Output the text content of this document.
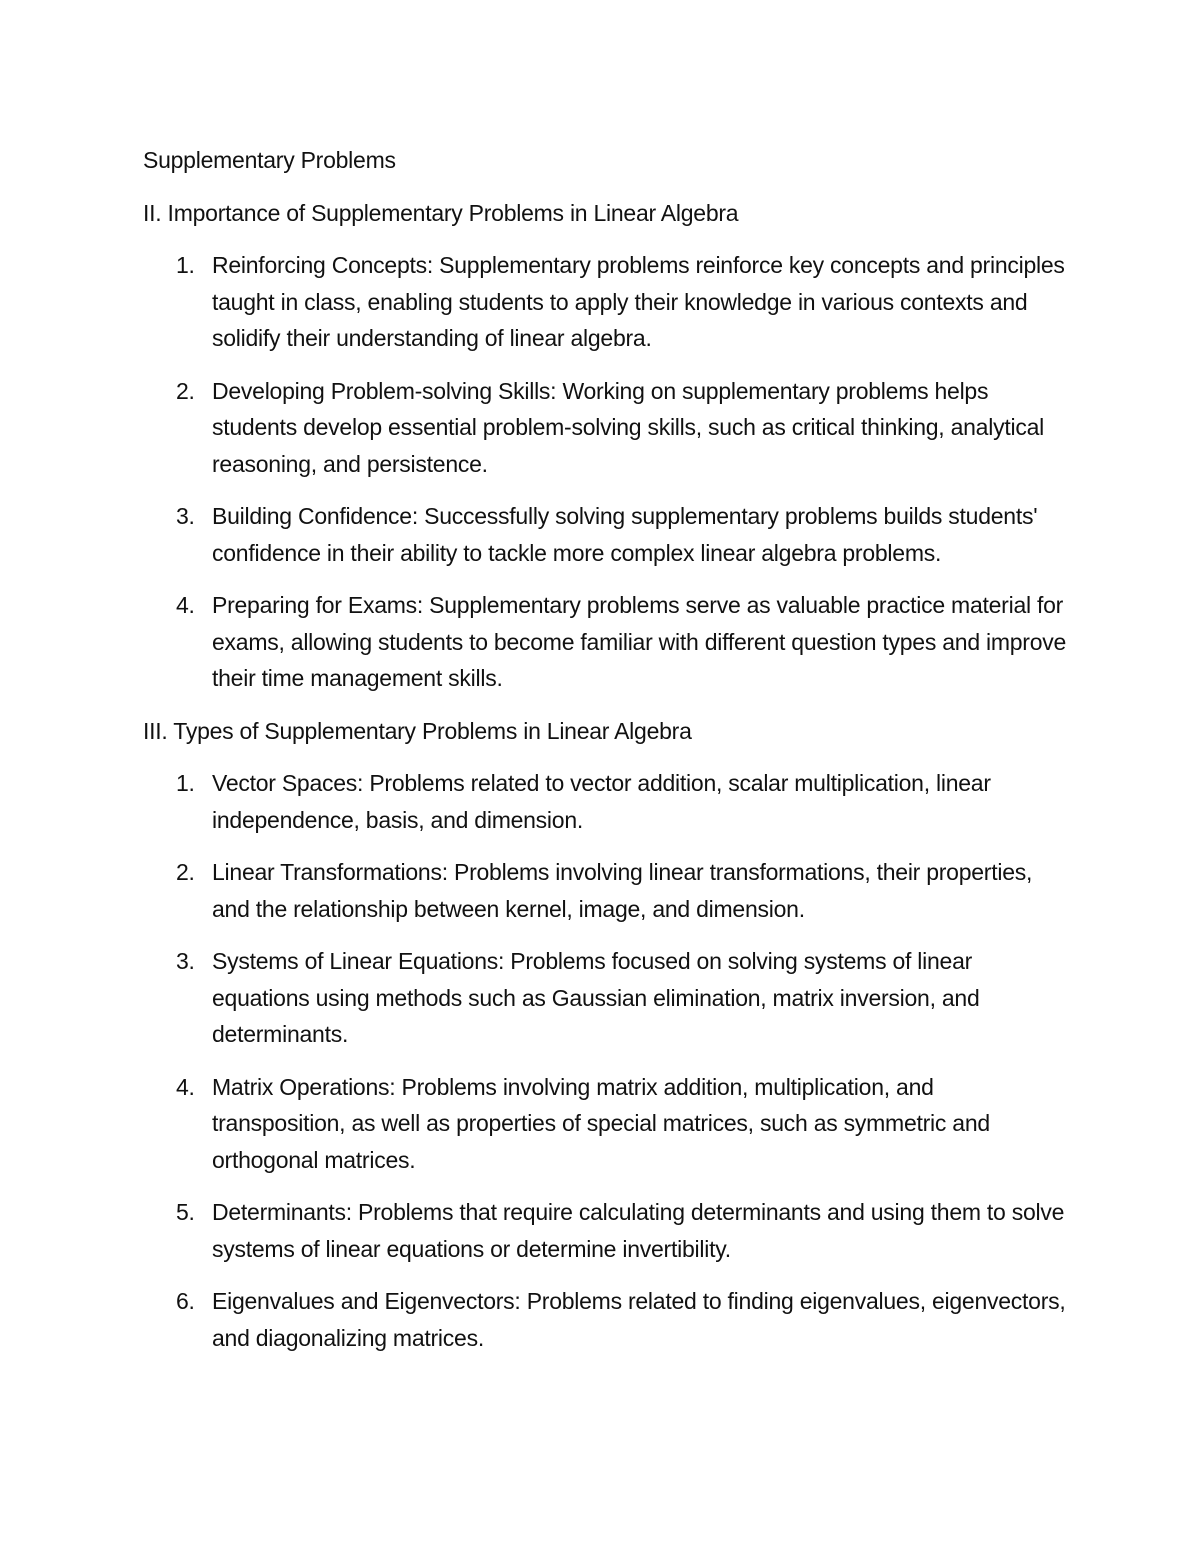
Supplementary Problems

II. Importance of Supplementary Problems in Linear Algebra

1. Reinforcing Concepts: Supplementary problems reinforce key concepts and principles taught in class, enabling students to apply their knowledge in various contexts and solidify their understanding of linear algebra.
2. Developing Problem-solving Skills: Working on supplementary problems helps students develop essential problem-solving skills, such as critical thinking, analytical reasoning, and persistence.
3. Building Confidence: Successfully solving supplementary problems builds students' confidence in their ability to tackle more complex linear algebra problems.
4. Preparing for Exams: Supplementary problems serve as valuable practice material for exams, allowing students to become familiar with different question types and improve their time management skills.

III. Types of Supplementary Problems in Linear Algebra

1. Vector Spaces: Problems related to vector addition, scalar multiplication, linear independence, basis, and dimension.
2. Linear Transformations: Problems involving linear transformations, their properties, and the relationship between kernel, image, and dimension.
3. Systems of Linear Equations: Problems focused on solving systems of linear equations using methods such as Gaussian elimination, matrix inversion, and determinants.
4. Matrix Operations: Problems involving matrix addition, multiplication, and transposition, as well as properties of special matrices, such as symmetric and orthogonal matrices.
5. Determinants: Problems that require calculating determinants and using them to solve systems of linear equations or determine invertibility.
6. Eigenvalues and Eigenvectors: Problems related to finding eigenvalues, eigenvectors, and diagonalizing matrices.
